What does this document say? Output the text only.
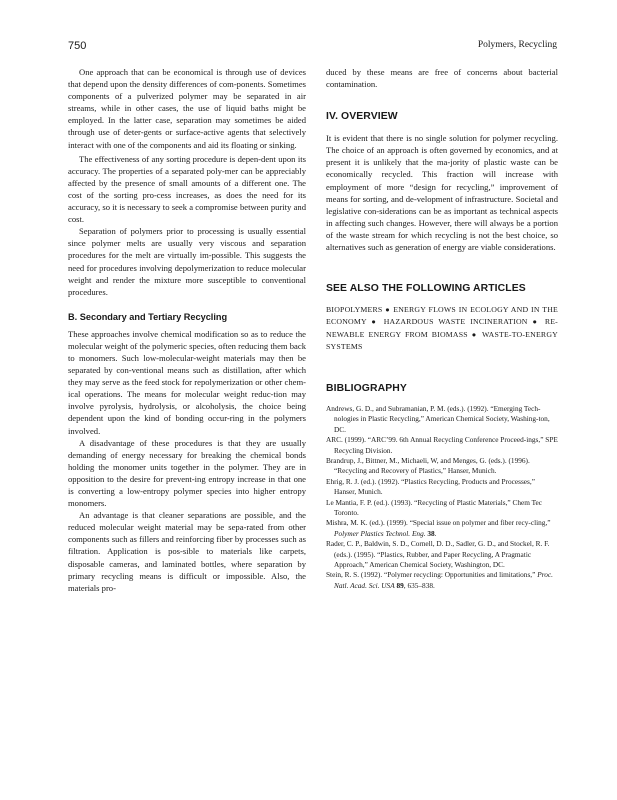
750	Polymers, Recycling

One approach that can be economical is through use of devices that depend upon the density differences of com-ponents. Sometimes components of a pulverized polymer may be separated in air streams, while in other cases, the use of liquid baths might be employed. In the latter case, separation may sometimes be aided through use of deter-gents or surface-active agents that selectively interact with one of the components and aid its floating or sinking.

The effectiveness of any sorting procedure is depen-dent upon its accuracy. The properties of a separated poly-mer can be appreciably affected by the presence of small amounts of a different one. The cost of the sorting pro-cess increases, as does the need for its accuracy, so it is necessary to seek a compromise between purity and cost.

Separation of polymers prior to processing is usually essential since polymer melts are usually very viscous and separation procedures for the melt are virtually im-possible. This suggests the need for procedures involving depolymerization to reduce molecular weight and render the mixture more susceptible to conventional procedures.

B. Secondary and Tertiary Recycling

These approaches involve chemical modification so as to reduce the molecular weight of the polymeric species, often reducing them back to monomers. Such low-molecular-weight materials may then be separated by con-ventional means such as distillation, after which they may serve as the feed stock for repolymerization or other chem-ical operations. The means for molecular weight reduc-tion may involve pyrolysis, hydrolysis, or alcoholysis, the choice being dependent upon the kind of bonding occur-ring in the polymers involved.

A disadvantage of these procedures is that they are usually demanding of energy necessary for breaking the chemical bonds holding the monomer units together in the polymer. They are in opposition to the desire for prevent-ing entropy increase in that one is converting a low-entropy polymer species into higher entropy monomers.

An advantage is that cleaner separations are possible, and the reduced molecular weight material may be sepa-rated from other components such as fillers and reinforcing fiber by processes such as filtration. Application is pos-sible to materials like carpets, disposable cameras, and laminated bottles, where separation by primary recycling means is difficult or impossible. Also, the materials pro-

duced by these means are free of concerns about bacterial contamination.

IV. OVERVIEW

It is evident that there is no single solution for polymer recycling. The choice of an approach is often governed by economics, and at present it is unlikely that the ma-jority of plastic waste can be economically recycled. This fraction will increase with employment of more “design for recycling,” improvement of means for sorting, and de-velopment of infrastructure. Societal and legislative con-siderations can be as important as technical aspects in affecting such changes. However, there will always be a portion of the waste stream for which recycling is not the best choice, so alternatives such as generation of energy are viable considerations.

SEE ALSO THE FOLLOWING ARTICLES

BIOPOLYMERS ● ENERGY FLOWS IN ECOLOGY AND IN THE ECONOMY ● HAZARDOUS WASTE INCINERATION ● RE-NEWABLE ENERGY FROM BIOMASS ● WASTE-TO-ENERGY SYSTEMS

BIBLIOGRAPHY
Andrews, G. D., and Subramanian, P. M. (eds.). (1992). “Emerging Tech-nologies in Plastic Recycling,” American Chemical Society, Washing-ton, DC.
ARC. (1999). “ARC’99. 6th Annual Recycling Conference Proceed-ings,” SPE Recycling Division.
Brandrup, J., Bittner, M., Michaeli, W, and Menges, G. (eds.). (1996). “Recycling and Recovery of Plastics,” Hanser, Munich.
Ehrig, R. J. (ed.). (1992). “Plastics Recycling, Products and Processes,” Hanser, Munich.
Le Mantia, F. P. (ed.). (1993). “Recycling of Plastic Materials,” Chem Tec Toronto.
Mishra, M. K. (ed.). (1999). “Special issue on polymer and fiber recy-cling,” Polymer Plastics Technol. Eng. 38.
Rader, C. P., Baldwin, S. D., Cornell, D. D., Sadler, G. D., and Stockel, R. F. (eds.). (1995). “Plastics, Rubber, and Paper Recycling, A Pragmatic Approach,” American Chemical Society, Washington, DC.
Stein, R. S. (1992). “Polymer recycling: Opportunities and limitations,” Proc. Natl. Acad. Sci. USA 89, 635–838.
